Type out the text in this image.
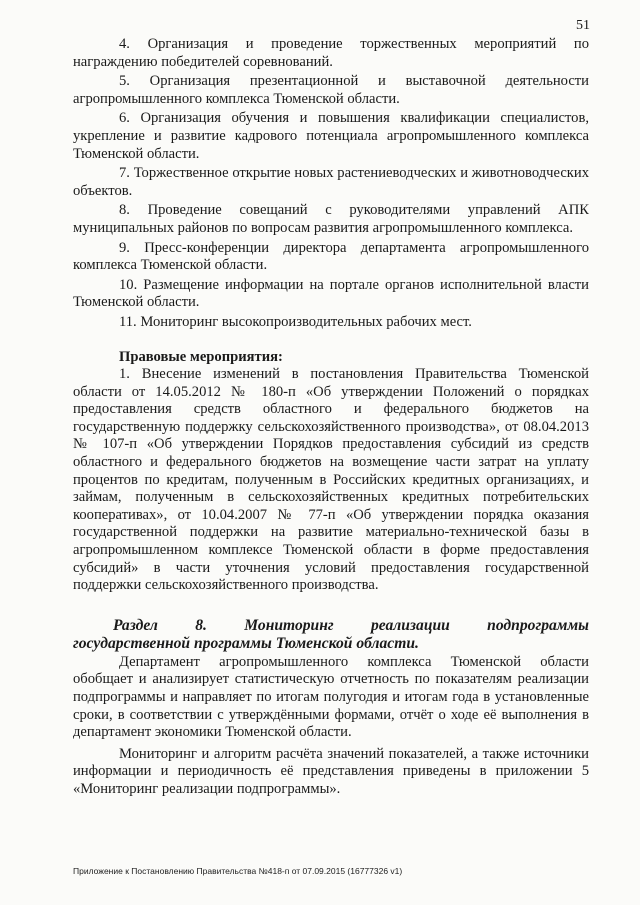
51

4. Организация и проведение торжественных мероприятий по награждению победителей соревнований.

5. Организация презентационной и выставочной деятельности агропромышленного комплекса Тюменской области.

6. Организация обучения и повышения квалификации специалистов, укрепление и развитие кадрового потенциала агропромышленного комплекса Тюменской области.

7. Торжественное открытие новых растениеводческих и животноводческих объектов.

8. Проведение совещаний с руководителями управлений АПК муниципальных районов по вопросам развития агропромышленного комплекса.

9. Пресс-конференции директора департамента агропромышленного комплекса Тюменской области.

10. Размещение информации на портале органов исполнительной власти Тюменской области.

11. Мониторинг высокопроизводительных рабочих мест.

Правовые мероприятия:

1. Внесение изменений в постановления Правительства Тюменской области от 14.05.2012 № 180-п «Об утверждении Положений о порядках предоставления средств областного и федерального бюджетов на государственную поддержку сельскохозяйственного производства», от 08.04.2013 № 107-п «Об утверждении Порядков предоставления субсидий из средств областного и федерального бюджетов на возмещение части затрат на уплату процентов по кредитам, полученным в Российских кредитных организациях, и займам, полученным в сельскохозяйственных кредитных потребительских кооперативах», от 10.04.2007 № 77-п «Об утверждении порядка оказания государственной поддержки на развитие материально-технической базы в агропромышленном комплексе Тюменской области в форме предоставления субсидий» в части уточнения условий предоставления государственной поддержки сельскохозяйственного производства.

Раздел 8. Мониторинг реализации подпрограммы
государственной программы Тюменской области.

Департамент агропромышленного комплекса Тюменской области обобщает и анализирует статистическую отчетность по показателям реализации подпрограммы и направляет по итогам полугодия и итогам года в установленные сроки, в соответствии с утверждёнными формами, отчёт о ходе её выполнения в департамент экономики Тюменской области.

Мониторинг и алгоритм расчёта значений показателей, а также источники информации и периодичность её представления приведены в приложении 5 «Мониторинг реализации подпрограммы».

Приложение к Постановлению Правительства №418-п от 07.09.2015 (16777326 v1)
